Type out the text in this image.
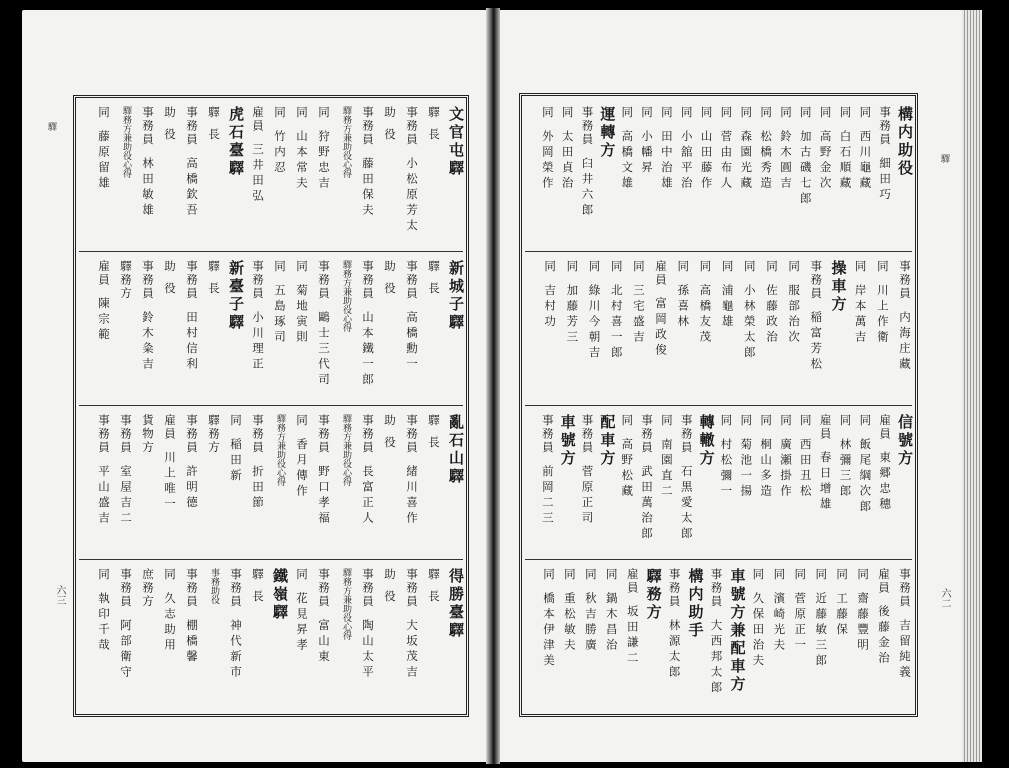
驛
驛
六三	六二
文官屯驛
驛長
事務員小松原芳太
助役
事務員藤田保夫
驛務方兼助役心得
同狩野忠吉
同山本常夫
同竹内忍
雇員三井田弘
虎石臺驛
驛長
事務員高橋欽吾
助役
事務員林田敏雄
驛務方兼助役心得
同藤原留雄
新城子驛
驛長
事務員高橋勳一
助役
事務員山本鐵一郎
驛務方兼助役心得
事務員鷗士三代司
同菊地寅則
同五島琢司
事務員小川理正
新臺子驛
驛長
事務員田村信利
助役
事務員鈴木粂吉
驛務方
雇員陳宗範
亂石山驛
驛長
事務員緒川喜作
助役
事務員長富正人
驛務方兼助役心得
事務員野口孝福
同香月傳作
驛務方兼助役心得
事務員折田節
同稲田新
驛務方
事務員許明德
雇員川上唯一
貨物方
事務員室屋吉二
事務員平山盛吉
得勝臺驛
驛長
事務員大坂茂吉
助役
事務員陶山太平
驛務方兼助役心得
事務員富山東
同花見昇孝
鐵嶺驛
驛長
事務員神代新市
事務助役
事務員棚橋馨
同久志助用
庶務方
事務員阿部衛守
同執印千哉
構内助役
事務員細田巧
同西川龜藏
同白石順藏
同高野金次
同加古磯七郎
同鈴木圓吉
同松橋秀造
同森園光藏
同菅由布人
同山田藤作
同小舘平治
同田中治雄
同小幡昇
同高橋文雄
運轉方
事務員臼井六郎
同太田貞治
同外岡榮作
事務員内海庄藏
同川上作衛
同岸本萬吉
操車方
事務員稲富芳松
同服部治次
同佐藤政治
同小林榮太郎
同浦龜雄
同高橋友茂
同孫喜林
雇員富岡政俊
同三宅盛吉
同北村喜一郎
同綠川今朝吉
同加藤芳三
同吉村功
信號方
雇員東郷忠穗
同飯尾綱次郎
同林彌三郎
雇員春日增雄
同西田丑松
同廣瀬掛作
同桐山多造
同菊池一揚
同村松彌一
轉轍方
事務員石黒愛太郎
同南園直二
事務員武田萬治郎
同高野松藏
配車方
事務員菅原正司
車號方
事務員前岡二三
事務員吉留純義
雇員後藤金治
同齋藤豐明
同工藤保
同近藤敏三郎
同菅原正一
同濱崎光夫
同久保田治夫
車號方兼配車方
事務員大西邦太郎
構内助手
事務員林源太郎
驛務方
雇員坂田謙二
同鍋木昌治
同秋吉勝廣
同重松敏夫
同橋本伊津美
